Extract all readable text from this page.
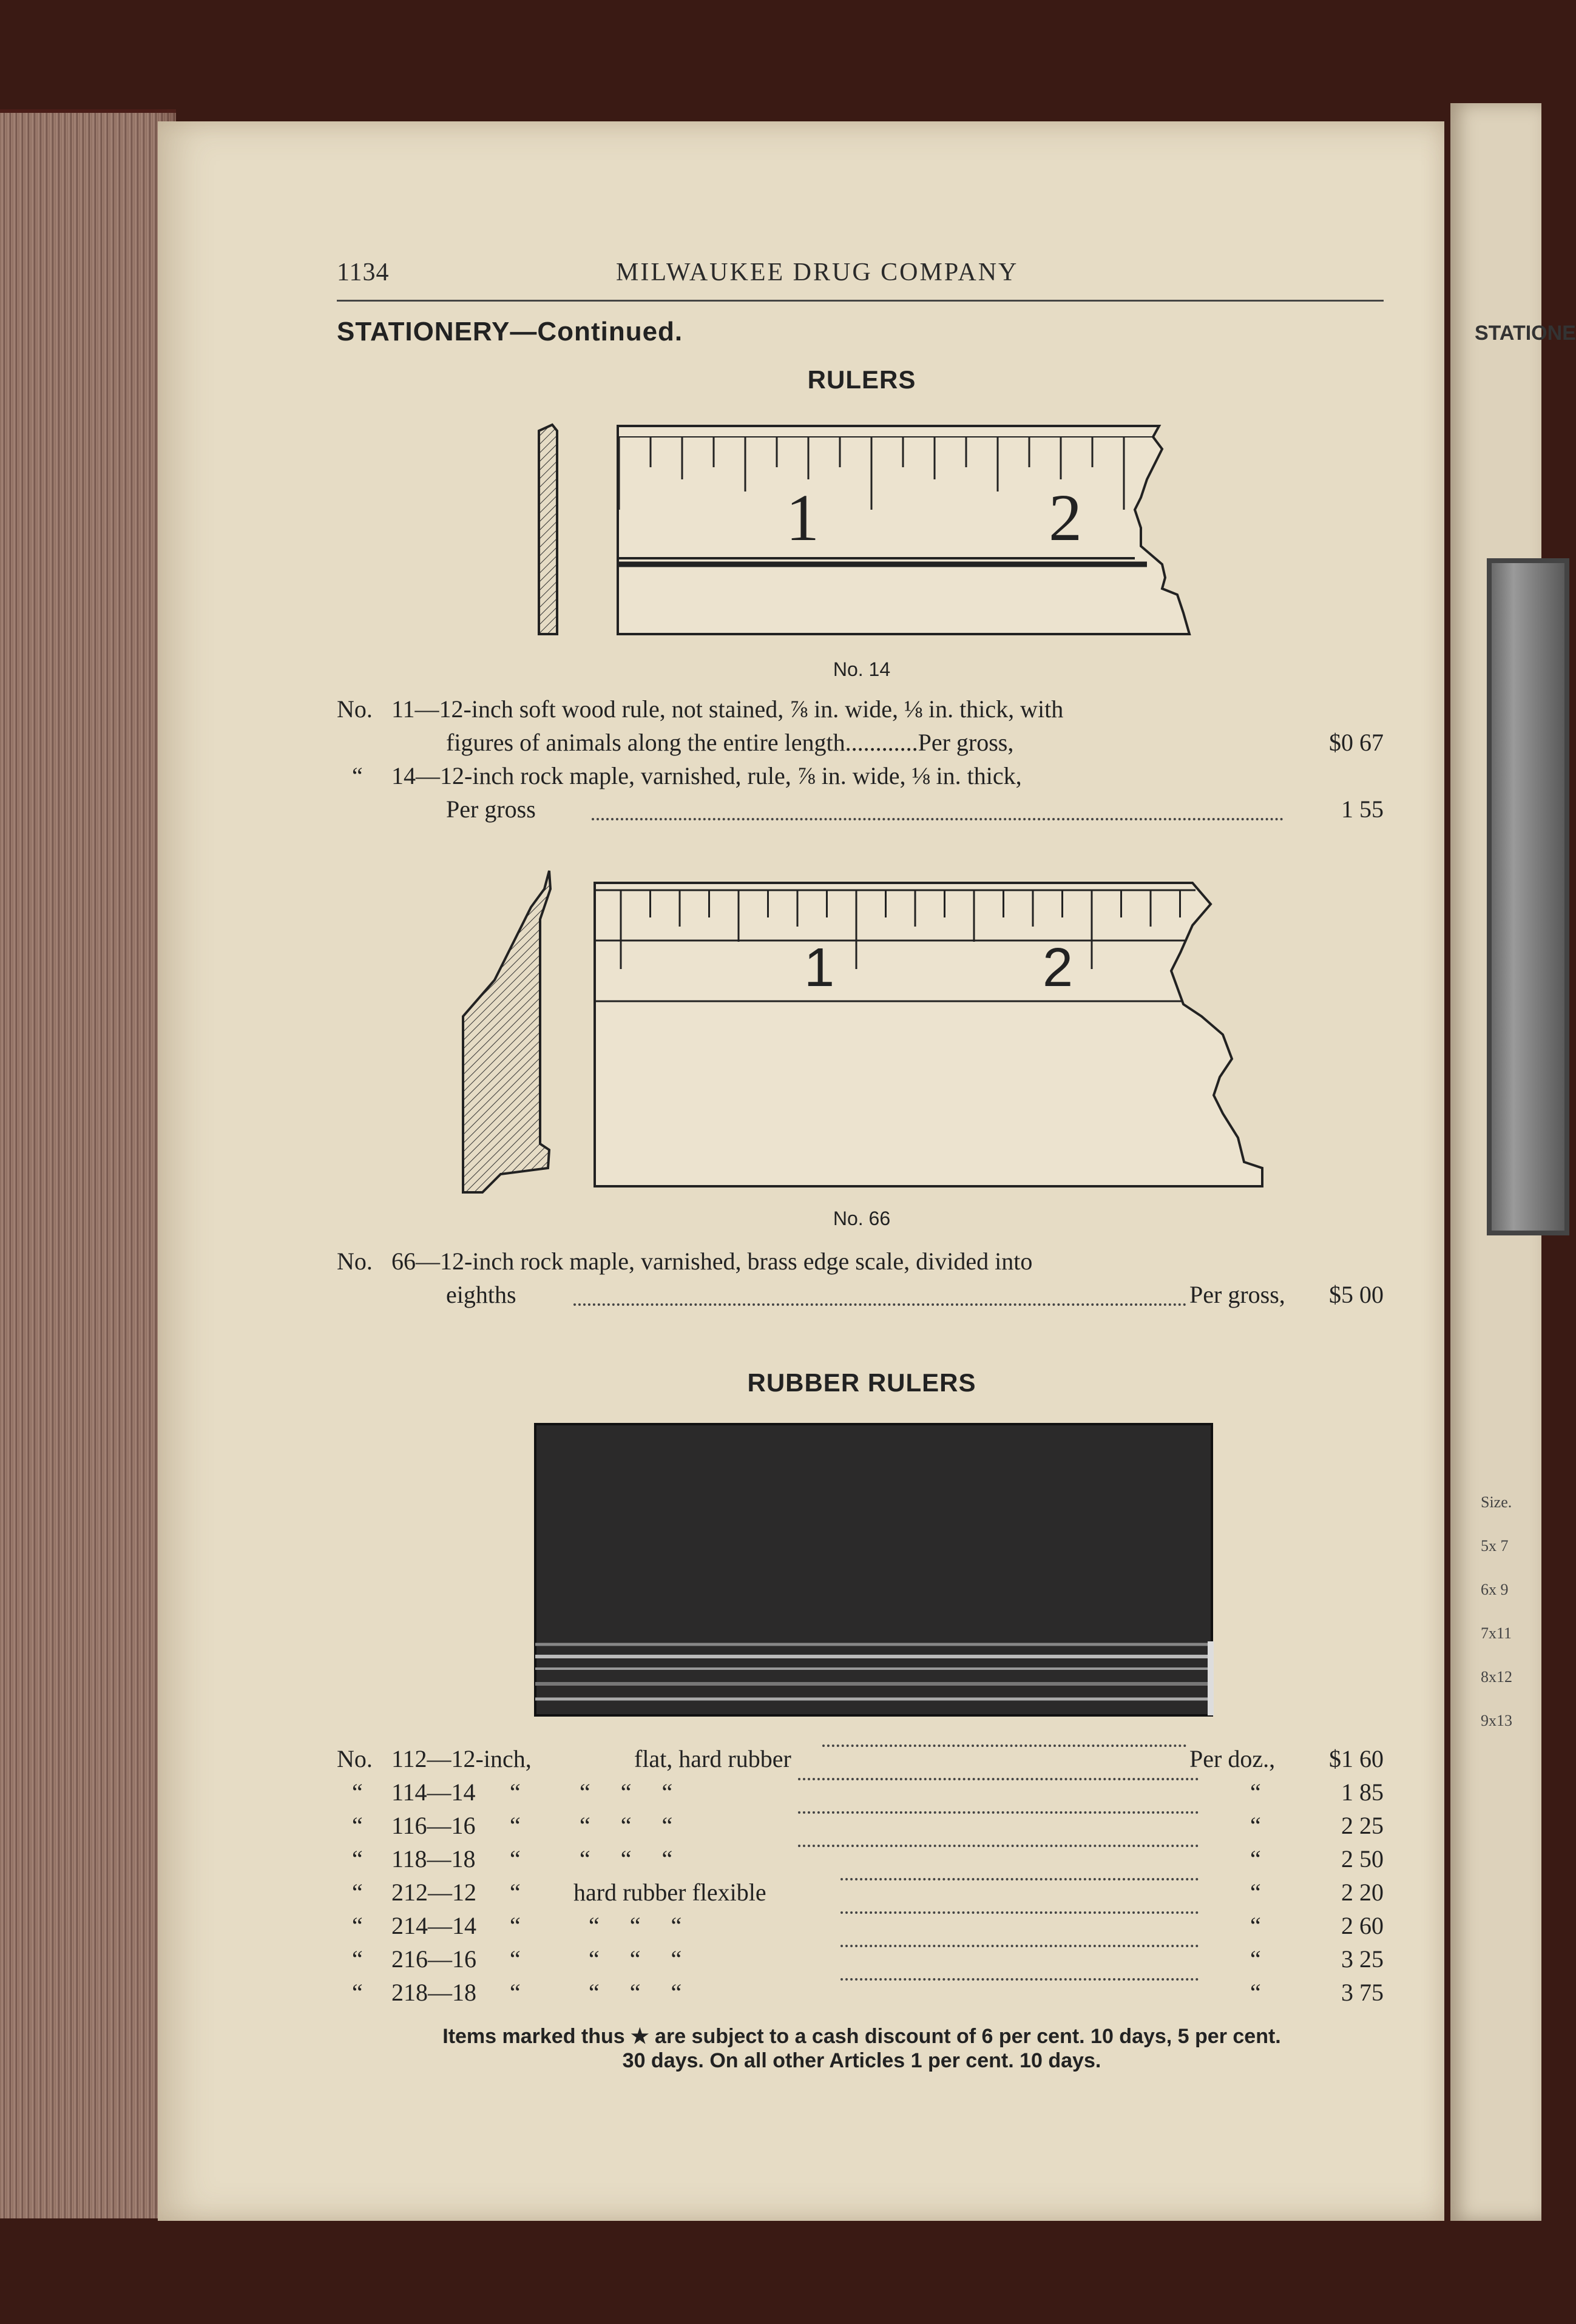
STATIONE
Size.
5x 7
6x 9
7x11
8x12
9x13
1134	MILWAUKEE DRUG COMPANY
STATIONERY—Continued.
RULERS
1	2
No. 14
No. 11—12-inch soft wood rule, not stained, ⅞ in. wide, ⅛ in. thick, with
figures of animals along the entire length............Per gross,	$0 67
“ 14—12-inch rock maple, varnished, rule, ⅞ in. wide, ⅛ in. thick,
Per gross	1 55
1	2
No. 66
No. 66—12-inch rock maple, varnished, brass edge scale, divided into
eighths	Per gross, $5 00
RUBBER RULERS
No. 112—12-inch,	flat, hard rubber	Per doz., $1 60
“ 114—14 “ “     “     “	“	1 85
“ 116—16 “ “     “     “	“	2 25
“ 118—18 “ “     “     “	“	2 50
“ 212—12 “ hard rubber flexible	“	2 20
“ 214—14 “	“     “     “	“	2 60
“ 216—16 “	“     “     “	“	3 25
“ 218—18 “	“     “     “	“	3 75
Items marked thus ★ are subject to a cash discount of 6 per cent. 10 days, 5 per cent.
30 days. On all other Articles 1 per cent. 10 days.
